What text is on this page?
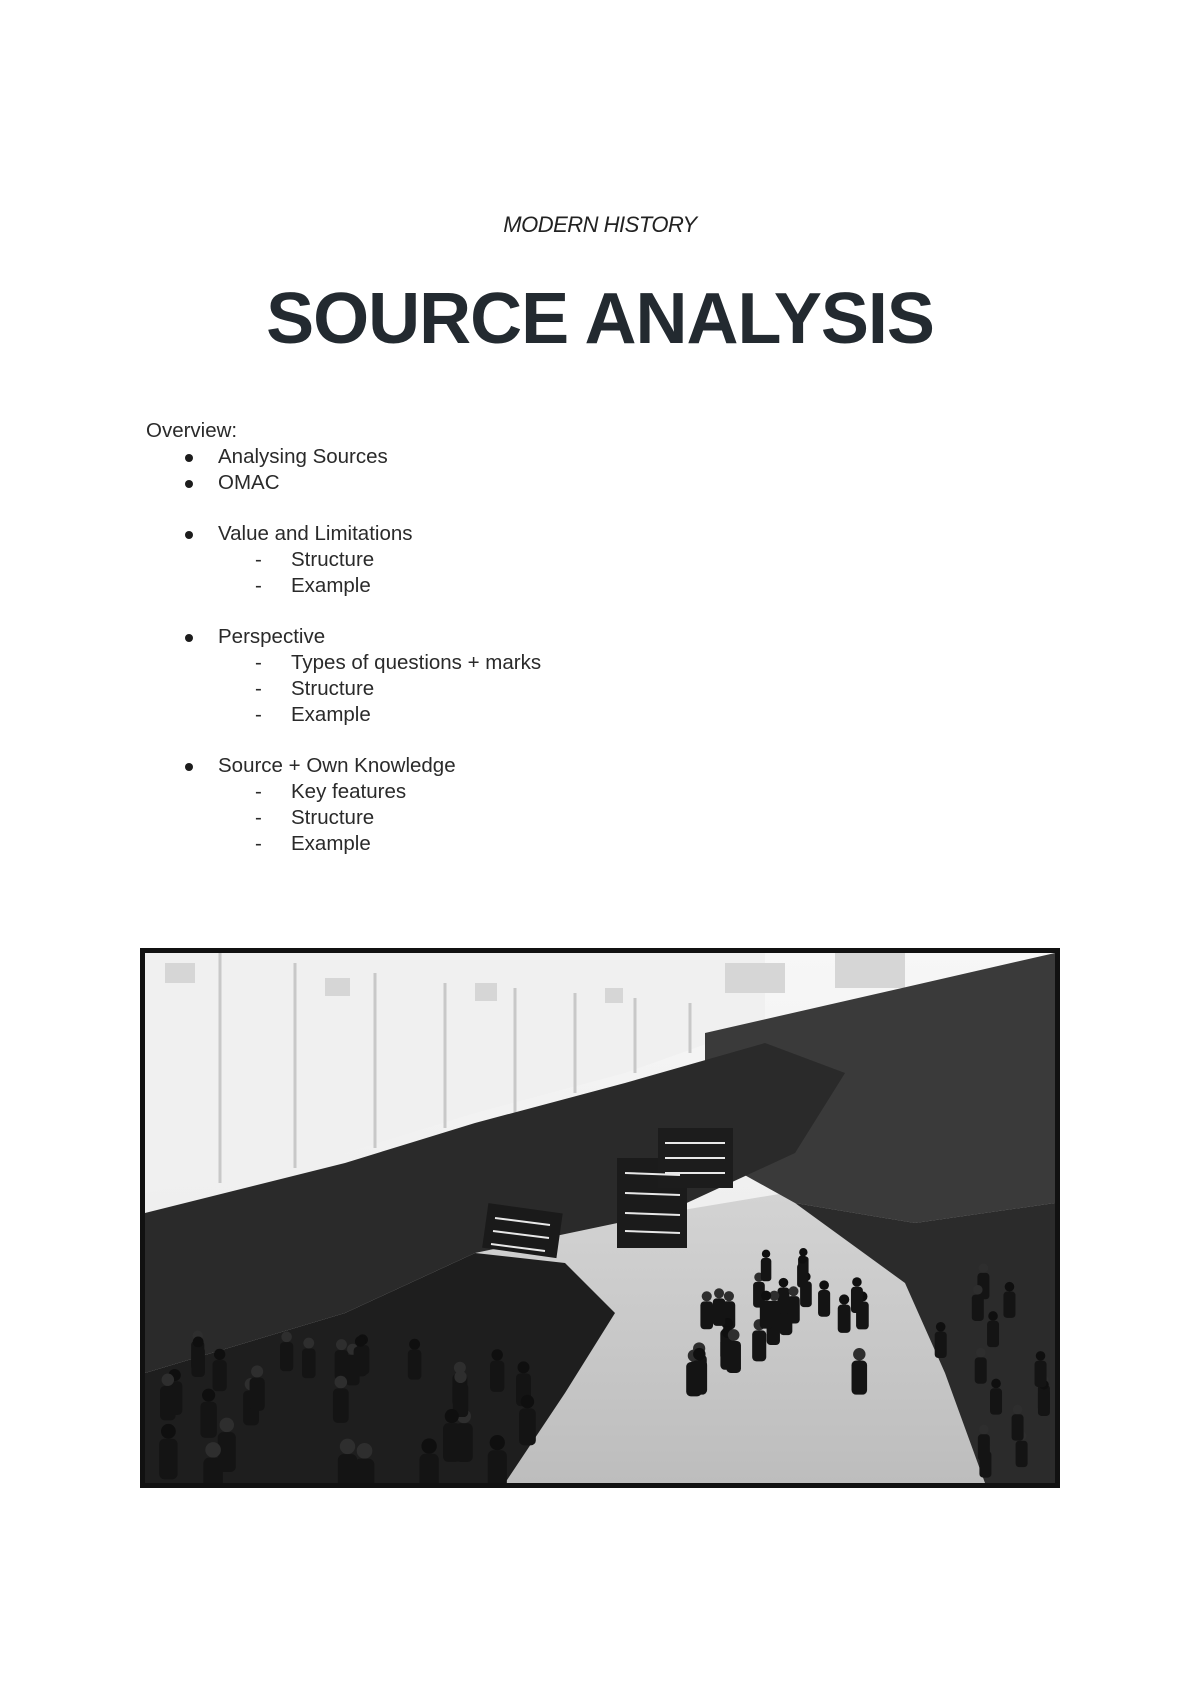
MODERN HISTORY
SOURCE ANALYSIS
Overview:
Analysing Sources
OMAC
Value and Limitations
- Structure
- Example
Perspective
- Types of questions + marks
- Structure
- Example
Source + Own Knowledge
- Key features
- Structure
- Example
